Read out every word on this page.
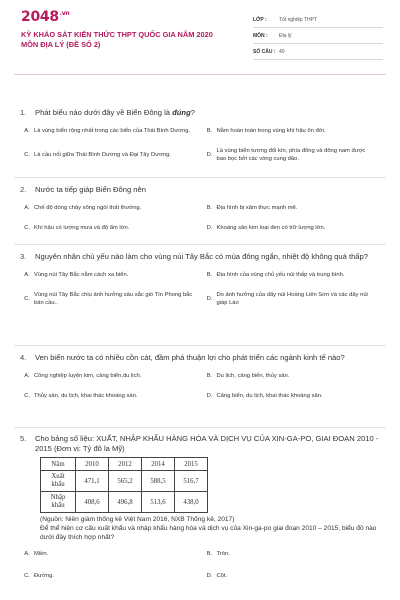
$2048^{.vn}$
KỲ KHẢO SÁT KIẾN THỨC THPT QUỐC GIA NĂM 2020
MÔN ĐỊA LÝ (ĐỀ SỐ 2)
LỚP :	Tốt nghiệp THPT
MÔN :	Địa lý
SỐ CÂU : 40
1.	Phát biểu nào dưới đây về Biển Đông là đúng?
A. Là vùng biển rộng nhất trong các biển của Thái Bình Dương.	B. Nằm hoàn toàn trong vùng khí hậu ôn đới.
C. Là cầu nối giữa Thái Bình Dương và Đại Tây Dương.	D.
Là vùng biển tương đối kín, phía đông và đông nam được bao bọc bởi các vòng cung đảo.
2.	Nước ta tiếp giáp Biển Đông nên
A. Chế độ dòng chảy sông ngòi thất thường.	B. Địa hình bị xâm thực mạnh mẽ.
C. Khí hậu có lượng mưa và độ ẩm lớn.	D. Khoáng sản kim loại đen có trữ lượng lớn.
3.	Nguyên nhân chủ yếu nào làm cho vùng núi Tây Bắc có mùa đông ngắn, nhiệt độ không quá thấp?
A. Vùng núi Tây Bắc nằm cách xa biển.	B. Địa hình của vùng chủ yếu núi thấp và trung bình.
C.
Vùng núi Tây Bắc chịu ảnh hưởng sâu sắc gió Tín Phong bắc bán cầu..
D.
Do ảnh hưởng của dãy núi Hoàng Liên Sơn và các dãy núi giáp Lào
4.	Ven biển nước ta có nhiều cồn cát, đầm phá thuận lợi cho phát triển các ngành kinh tế nào?
A. Công nghiệp luyện kim, cảng biển,du lịch.	B. Du lịch, cảng biển, thủy sản.
C. Thủy sản, du lịch, khai thác khoáng sản.	D. Cảng biển, du lịch, khai thác khoáng sản.
5.	Cho bảng số liệu: XUẤT, NHẬP KHẨU HÀNG HÓA VÀ DỊCH VỤ CỦA XIN-GA-PO, GIAI ĐOẠN 2010 - 2015 (Đơn vị: Tỷ đô la Mỹ)
Năm	2010	2012	2014	2015
Xuất khẩu	471,1	565,2	588,5	516,7
Nhập khẩu	408,6	496,8	513,6	438,0
(Nguồn: Niên giám thống kê Việt Nam 2016, NXB Thống kê, 2017)
Để thể hiện cơ cấu xuất khẩu và nhập khẩu hàng hóa và dịch vụ của Xin-ga-po giai đoạn 2010 – 2015, biểu đồ nào dưới đây thích hợp nhất?
A. Miền.	B. Tròn.
C. Đường.	D. Cột.
